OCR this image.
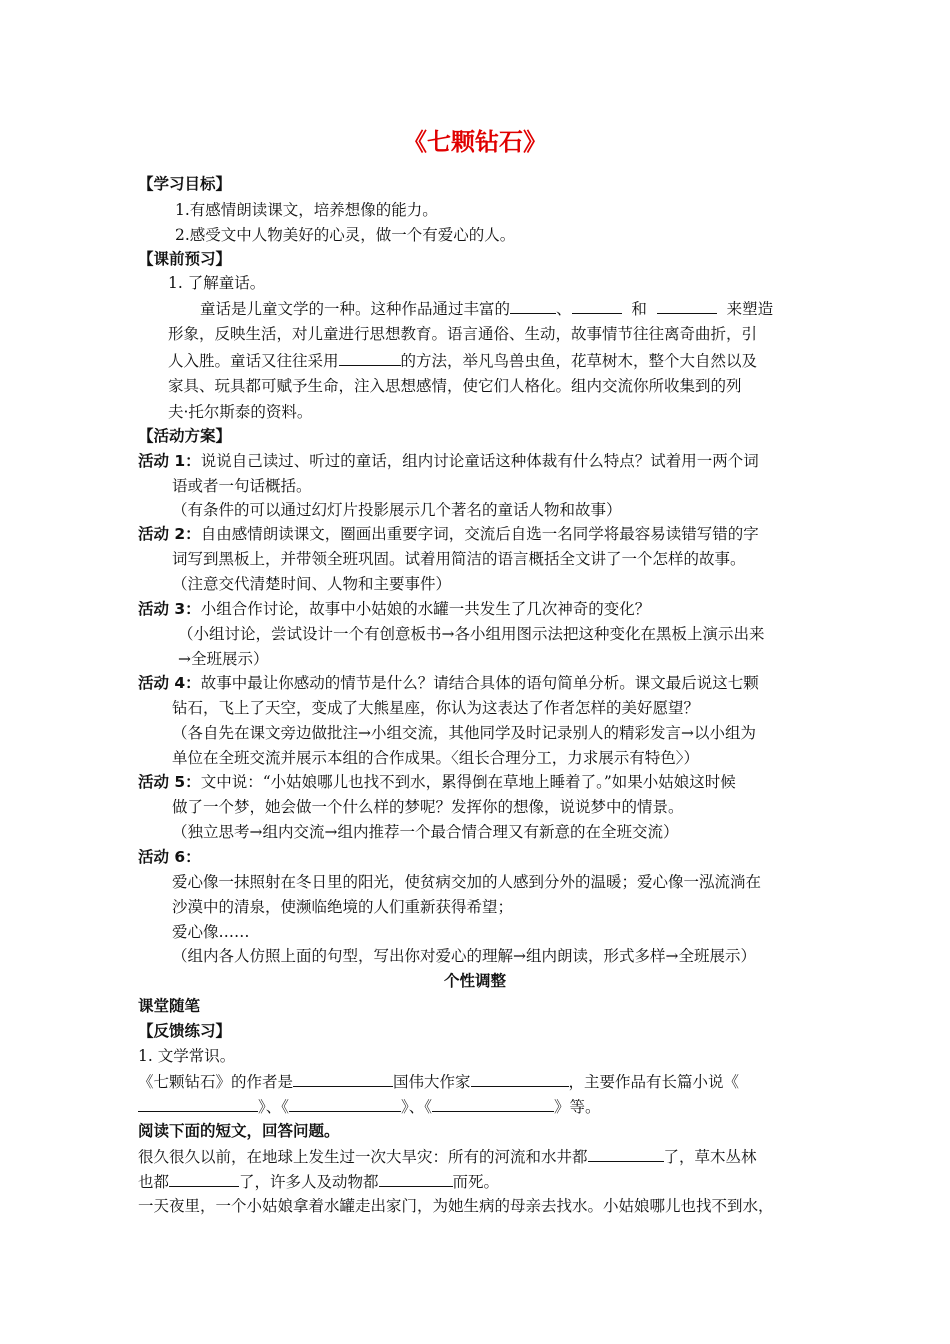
《七颗钻石》
【学习目标】
1.有感情朗读课文，培养想像的能力。
2.感受文中人物美好的心灵，做一个有爱心的人。
【课前预习】
1. 了解童话。
童话是儿童文学的一种。这种作品通过丰富的	、	和	来塑造
形象，反映生活，对儿童进行思想教育。语言通俗、生动，故事情节往往离奇曲折，引
人入胜。童话又往往采用	的方法，举凡鸟兽虫鱼，花草树木，整个大自然以及
家具、玩具都可赋予生命，注入思想感情，使它们人格化。组内交流你所收集到的列
夫·托尔斯泰的资料。
【活动方案】
活动 1：说说自己读过、听过的童话，组内讨论童话这种体裁有什么特点？试着用一两个词
语或者一句话概括。
（有条件的可以通过幻灯片投影展示几个著名的童话人物和故事）
活动 2：自由感情朗读课文，圈画出重要字词，交流后自选一名同学将最容易读错写错的字
词写到黑板上，并带领全班巩固。试着用简洁的语言概括全文讲了一个怎样的故事。
（注意交代清楚时间、人物和主要事件）
活动 3：小组合作讨论，故事中小姑娘的水罐一共发生了几次神奇的变化？
（小组讨论，尝试设计一个有创意板书→各小组用图示法把这种变化在黑板上演示出来
→全班展示）
活动 4：故事中最让你感动的情节是什么？请结合具体的语句简单分析。课文最后说这七颗
钻石，飞上了天空，变成了大熊星座，你认为这表达了作者怎样的美好愿望？
（各自先在课文旁边做批注→小组交流，其他同学及时记录别人的精彩发言→以小组为
单位在全班交流并展示本组的合作成果。〈组长合理分工，力求展示有特色〉）
活动 5：文中说：“小姑娘哪儿也找不到水，累得倒在草地上睡着了。”如果小姑娘这时候
做了一个梦，她会做一个什么样的梦呢？发挥你的想像，说说梦中的情景。
（独立思考→组内交流→组内推荐一个最合情合理又有新意的在全班交流）
活动 6：
爱心像一抹照射在冬日里的阳光，使贫病交加的人感到分外的温暖；爱心像一泓流淌在
沙漠中的清泉，使濒临绝境的人们重新获得希望；
爱心像……
（组内各人仿照上面的句型，写出你对爱心的理解→组内朗读，形式多样→全班展示）
个性调整
课堂随笔
【反馈练习】
1. 文学常识。
《七颗钻石》的作者是	国伟大作家	，主要作品有长篇小说《
》、《	》、《	》等。
阅读下面的短文，回答问题。
很久很久以前，在地球上发生过一次大旱灾：所有的河流和水井都	了，草木丛林
也都	了，许多人及动物都	而死。
一天夜里，一个小姑娘拿着水罐走出家门，为她生病的母亲去找水。小姑娘哪儿也找不到水，
